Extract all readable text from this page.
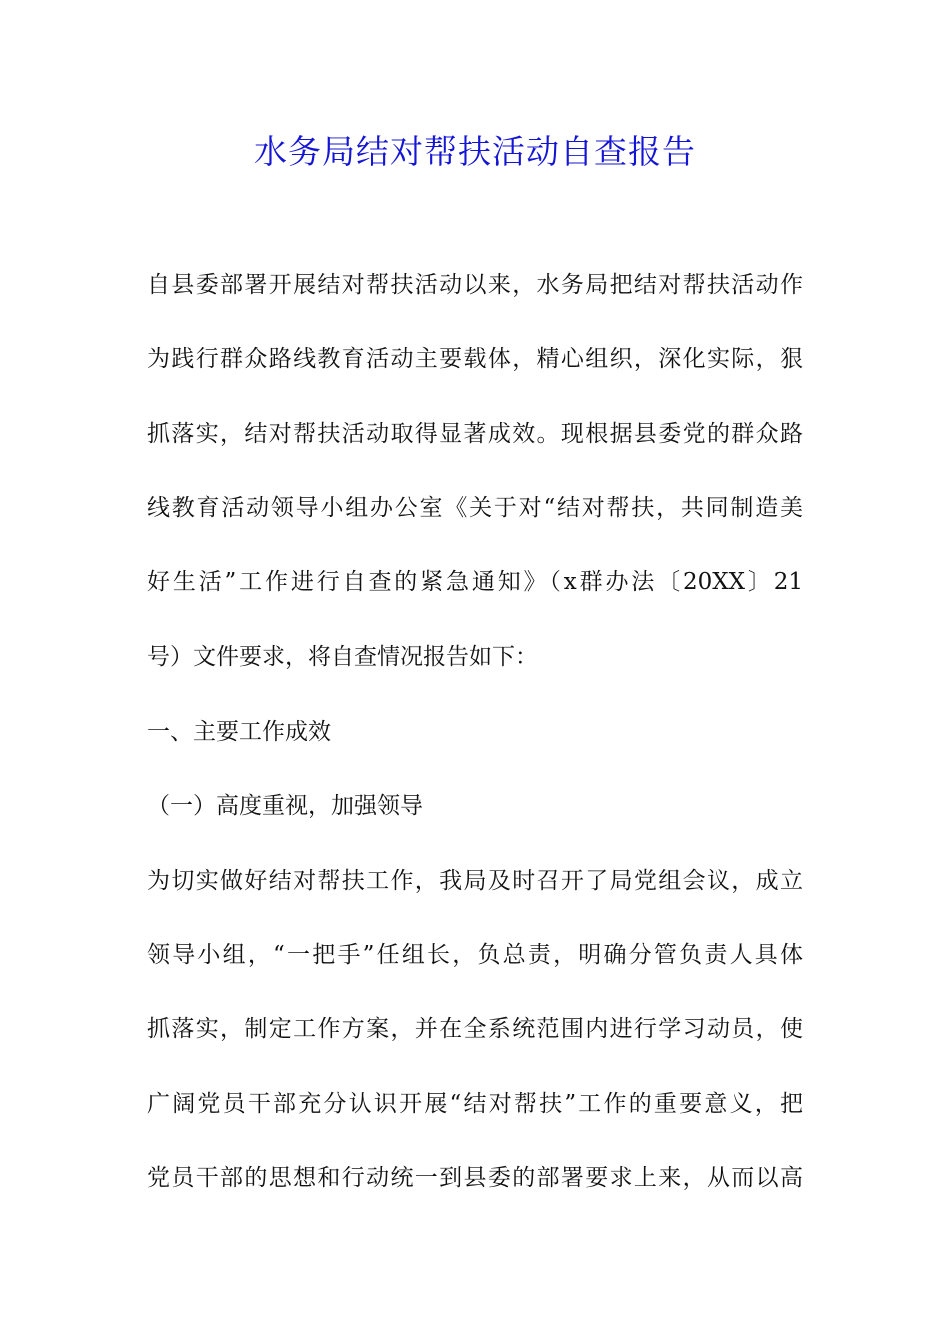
水务局结对帮扶活动自查报告

自县委部署开展结对帮扶活动以来，水务局把结对帮扶活动作

为践行群众路线教育活动主要载体，精心组织，深化实际，狠

抓落实，结对帮扶活动取得显著成效。现根据县委党的群众路

线教育活动领导小组办公室《关于对“结对帮扶，共同制造美

好生活”工作进行自查的紧急通知》（x群办法〔20XX〕21

号）文件要求，将自查情况报告如下：

一、主要工作成效

（一）高度重视，加强领导

为切实做好结对帮扶工作，我局及时召开了局党组会议，成立

领导小组，“一把手”任组长，负总责，明确分管负责人具体

抓落实，制定工作方案，并在全系统范围内进行学习动员，使

广阔党员干部充分认识开展“结对帮扶”工作的重要意义，把

党员干部的思想和行动统一到县委的部署要求上来，从而以高
